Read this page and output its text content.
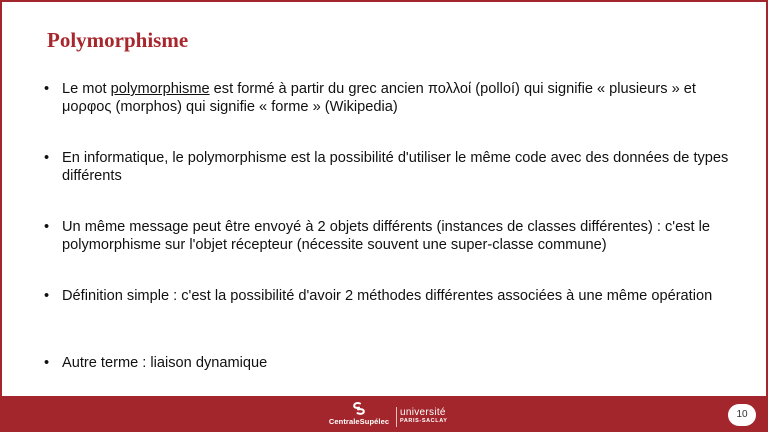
Polymorphisme
• Le mot polymorphisme est formé à partir du grec ancien πολλοί (polloí) qui signifie « plusieurs » et μορφος (morphos) qui signifie « forme » (Wikipedia)
• En informatique, le polymorphisme est la possibilité d'utiliser le même code avec des données de types différents
• Un même message peut être envoyé à 2 objets différents (instances de classes différentes) : c'est le polymorphisme sur l'objet récepteur (nécessite souvent une super-classe commune)
• Définition simple : c'est la possibilité d'avoir 2 méthodes différentes associées à une même opération
• Autre terme : liaison dynamique
CentraleSupélec
université
PARIS-SACLAY
10
